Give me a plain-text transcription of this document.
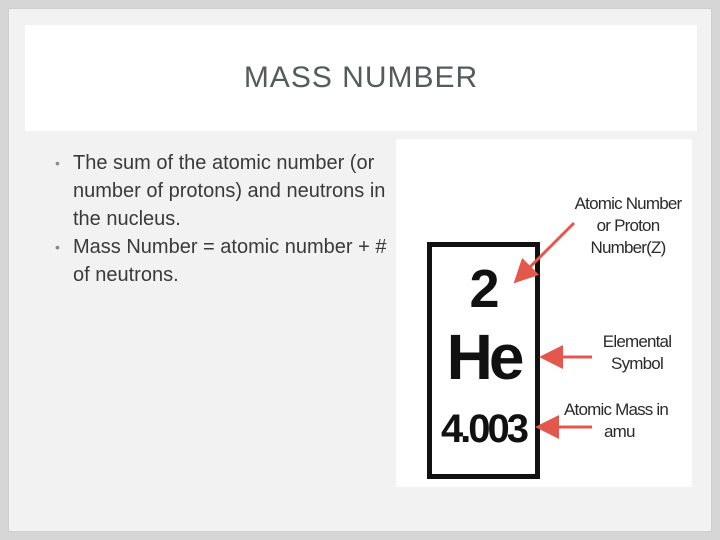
MASS NUMBER
• The sum of the atomic number (or number of protons) and neutrons in the nucleus.
• Mass Number = atomic number + # of neutrons.	2
He
4.003
Atomic Number
or Proton
Number(Z)
Elemental
Symbol
Atomic Mass in
amu
